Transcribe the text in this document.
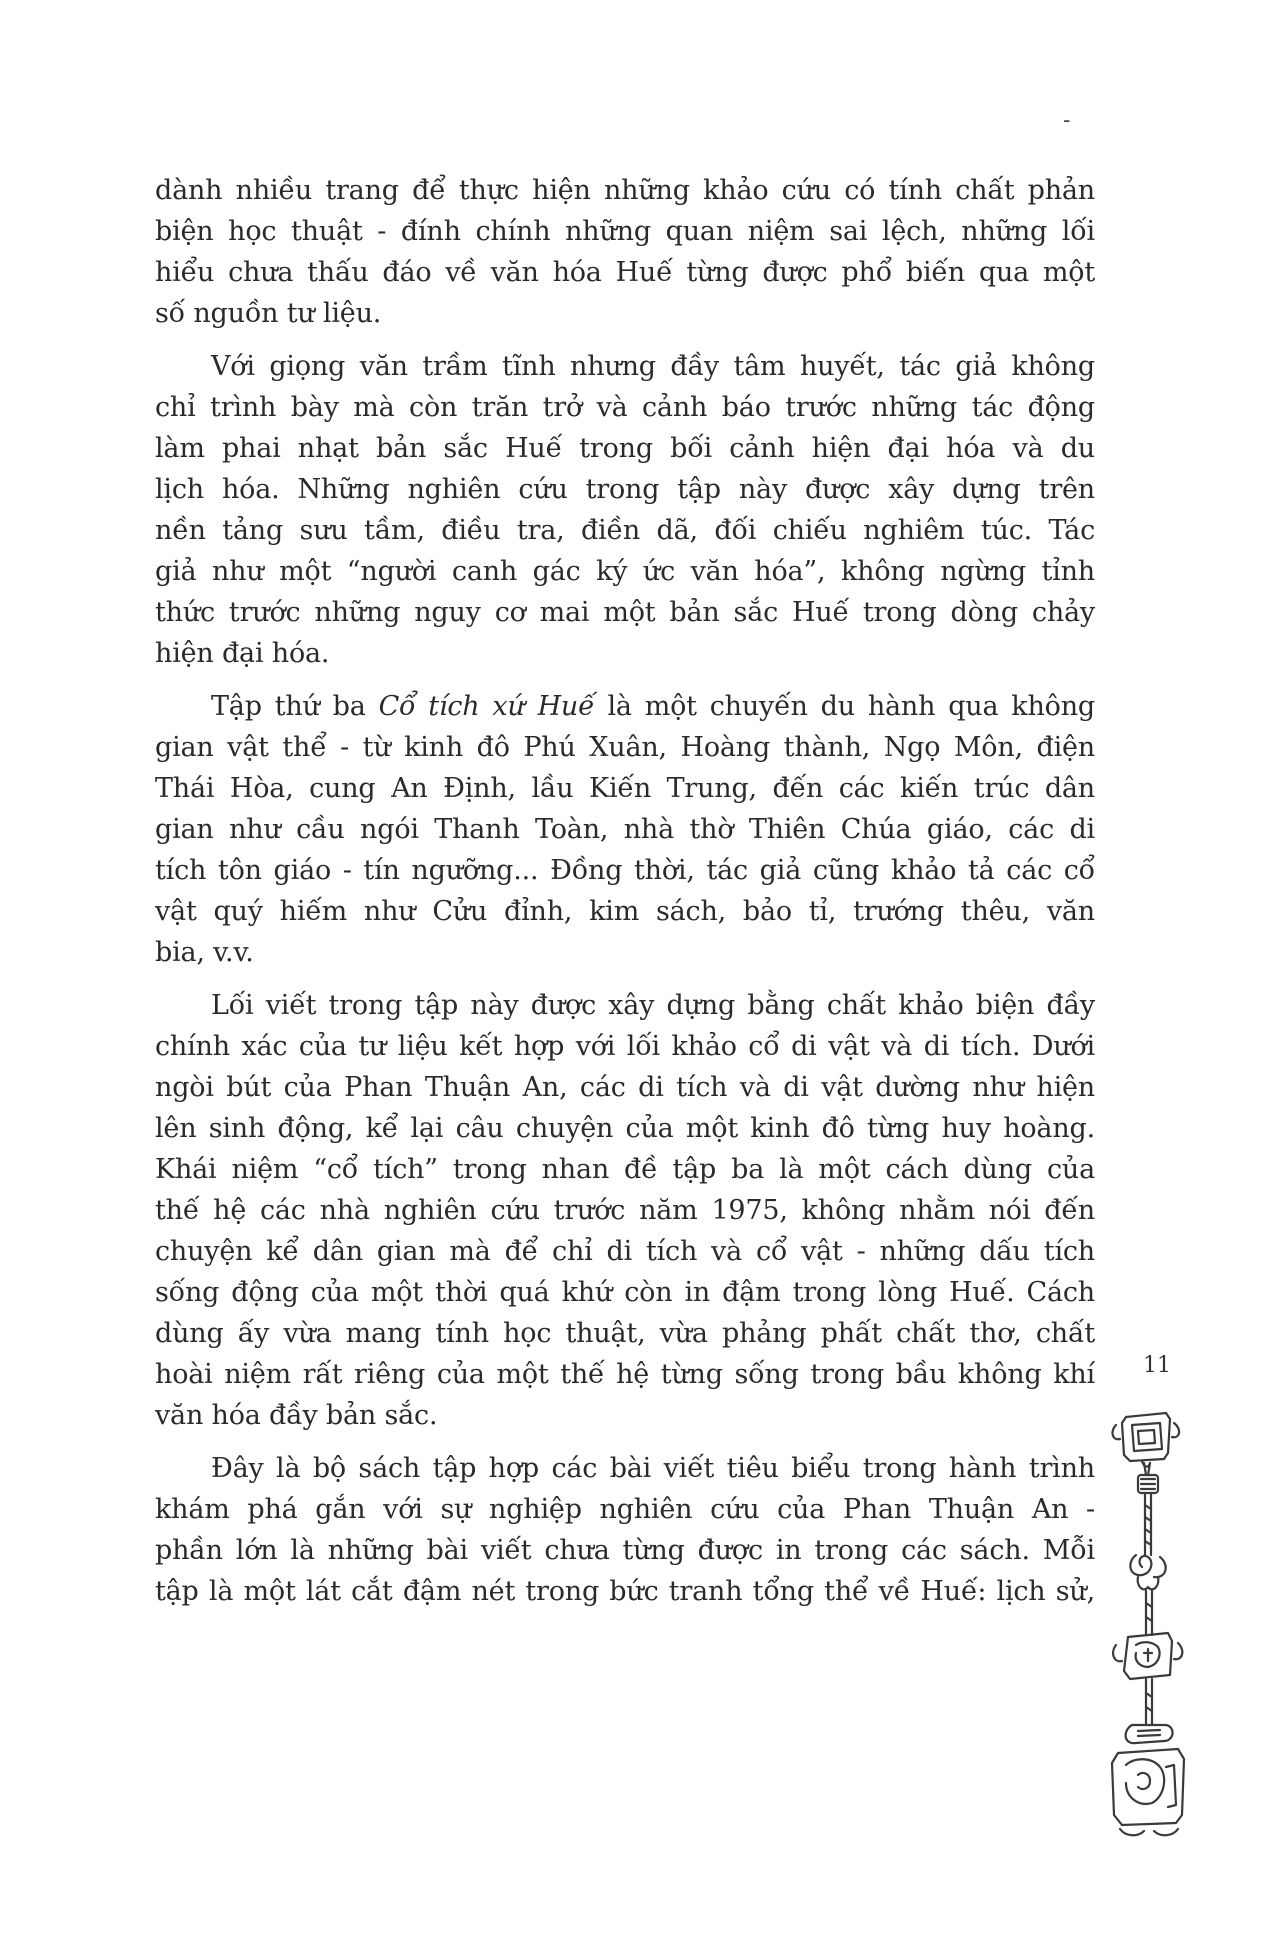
-

dành nhiều trang để thực hiện những khảo cứu có tính chất phản
biện học thuật - đính chính những quan niệm sai lệch, những lối
hiểu chưa thấu đáo về văn hóa Huế từng được phổ biến qua một
số nguồn tư liệu.

Với giọng văn trầm tĩnh nhưng đầy tâm huyết, tác giả không
chỉ trình bày mà còn trăn trở và cảnh báo trước những tác động
làm phai nhạt bản sắc Huế trong bối cảnh hiện đại hóa và du
lịch hóa. Những nghiên cứu trong tập này được xây dựng trên
nền tảng sưu tầm, điều tra, điền dã, đối chiếu nghiêm túc. Tác
giả như một “người canh gác ký ức văn hóa”, không ngừng tỉnh
thức trước những nguy cơ mai một bản sắc Huế trong dòng chảy
hiện đại hóa.

Tập thứ ba Cổ tích xứ Huế là một chuyến du hành qua không
gian vật thể - từ kinh đô Phú Xuân, Hoàng thành, Ngọ Môn, điện
Thái Hòa, cung An Định, lầu Kiến Trung, đến các kiến trúc dân
gian như cầu ngói Thanh Toàn, nhà thờ Thiên Chúa giáo, các di
tích tôn giáo - tín ngưỡng... Đồng thời, tác giả cũng khảo tả các cổ
vật quý hiếm như Cửu đỉnh, kim sách, bảo tỉ, trướng thêu, văn
bia, v.v.

Lối viết trong tập này được xây dựng bằng chất khảo biện đầy
chính xác của tư liệu kết hợp với lối khảo cổ di vật và di tích. Dưới
ngòi bút của Phan Thuận An, các di tích và di vật dường như hiện
lên sinh động, kể lại câu chuyện của một kinh đô từng huy hoàng.
Khái niệm “cổ tích” trong nhan đề tập ba là một cách dùng của
thế hệ các nhà nghiên cứu trước năm 1975, không nhằm nói đến
chuyện kể dân gian mà để chỉ di tích và cổ vật - những dấu tích
sống động của một thời quá khứ còn in đậm trong lòng Huế. Cách
dùng ấy vừa mang tính học thuật, vừa phảng phất chất thơ, chất
hoài niệm rất riêng của một thế hệ từng sống trong bầu không khí
văn hóa đầy bản sắc.

Đây là bộ sách tập hợp các bài viết tiêu biểu trong hành trình
khám phá gắn với sự nghiệp nghiên cứu của Phan Thuận An -
phần lớn là những bài viết chưa từng được in trong các sách. Mỗi
tập là một lát cắt đậm nét trong bức tranh tổng thể về Huế: lịch sử,

11
